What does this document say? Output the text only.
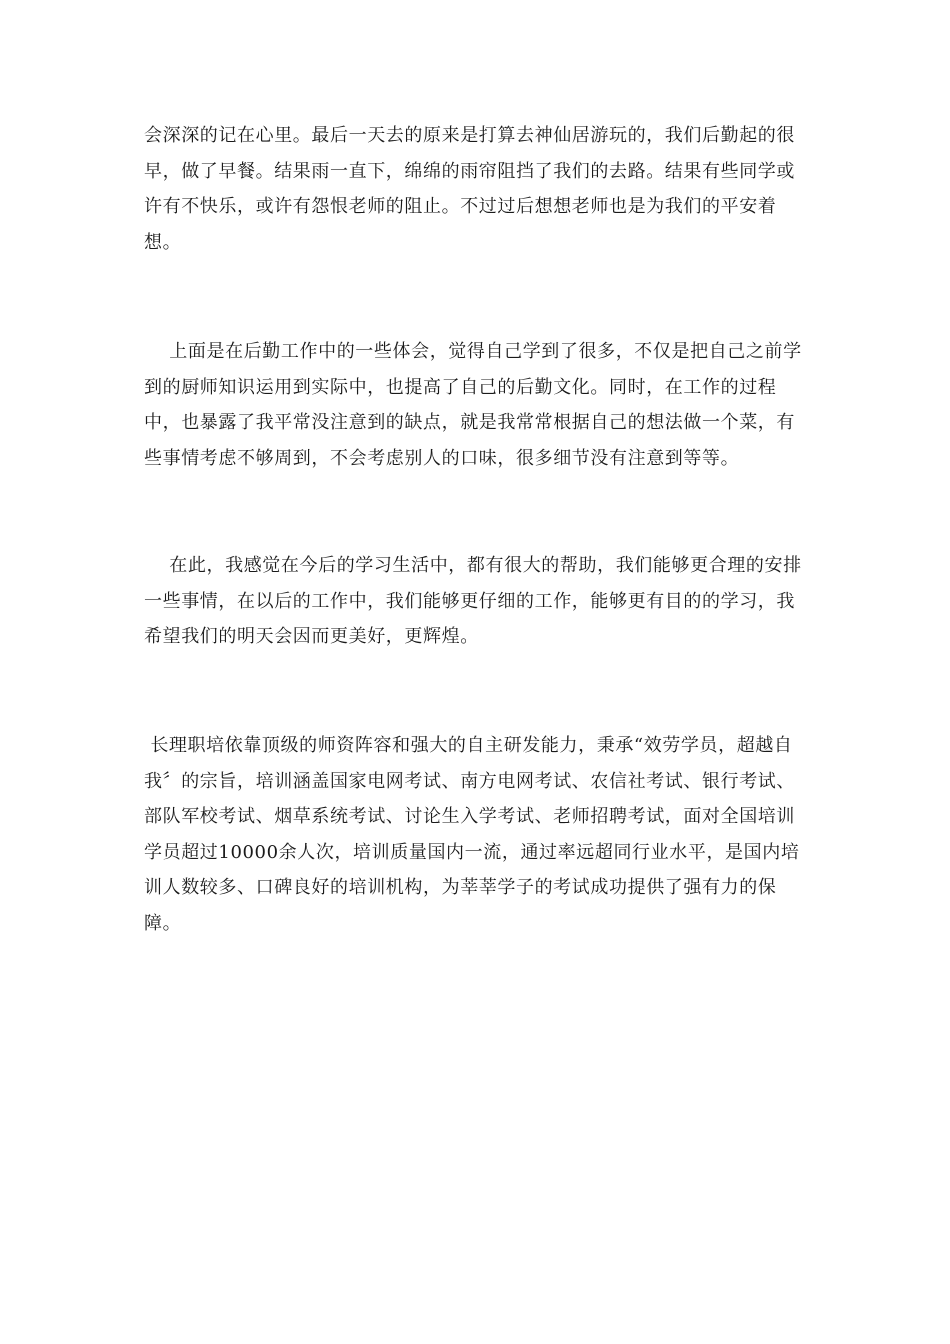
会深深的记在心里。最后一天去的原来是打算去神仙居游玩的，我们后勤起的很早，做了早餐。结果雨一直下，绵绵的雨帘阻挡了我们的去路。结果有些同学或许有不快乐，或许有怨恨老师的阻止。不过过后想想老师也是为我们的平安着想。

上面是在后勤工作中的一些体会，觉得自己学到了很多，不仅是把自己之前学到的厨师知识运用到实际中，也提高了自己的后勤文化。同时，在工作的过程中，也暴露了我平常没注意到的缺点，就是我常常根据自己的想法做一个菜，有些事情考虑不够周到，不会考虑别人的口味，很多细节没有注意到等等。

在此，我感觉在今后的学习生活中，都有很大的帮助，我们能够更合理的安排一些事情，在以后的工作中，我们能够更仔细的工作，能够更有目的的学习，我希望我们的明天会因而更美好，更辉煌。

长理职培依靠顶级的师资阵容和强大的自主研发能力，秉承“效劳学员，超越自我〞的宗旨，培训涵盖国家电网考试、南方电网考试、农信社考试、银行考试、部队军校考试、烟草系统考试、讨论生入学考试、老师招聘考试，面对全国培训学员超过10000余人次，培训质量国内一流，通过率远超同行业水平，是国内培训人数较多、口碑良好的培训机构，为莘莘学子的考试成功提供了强有力的保障。
